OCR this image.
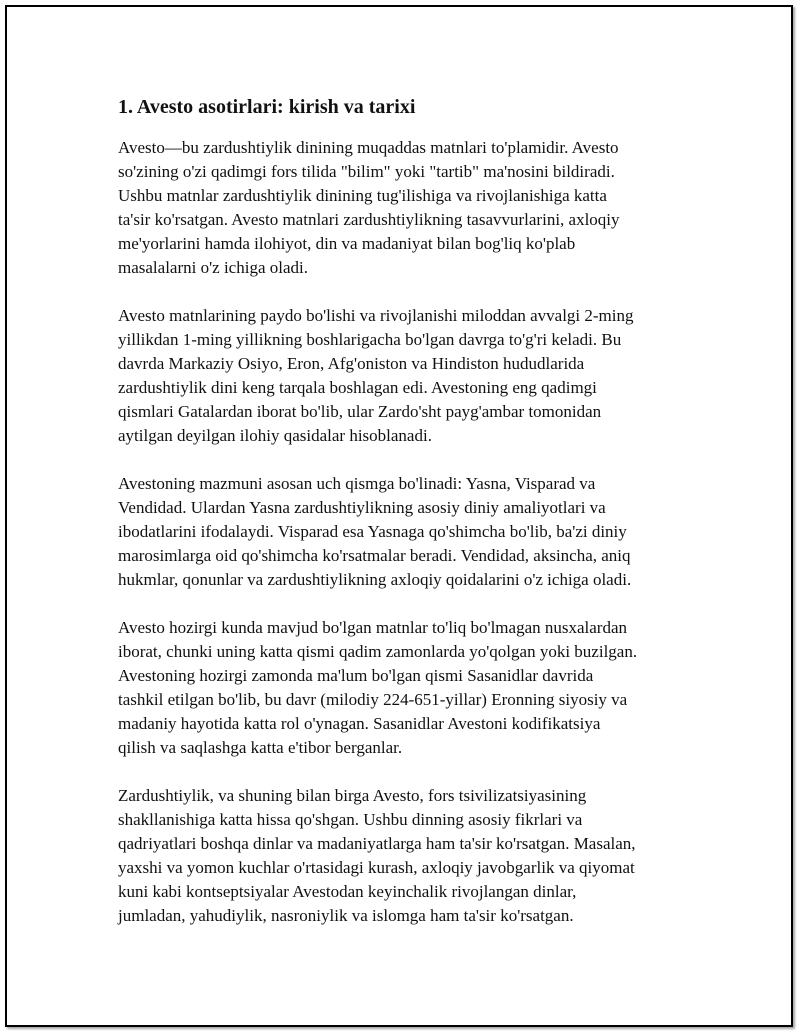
1. Avesto asotirlari: kirish va tarixi

Avesto—bu zardushtiylik dinining muqaddas matnlari to'plamidir. Avesto
so'zining o'zi qadimgi fors tilida "bilim" yoki "tartib" ma'nosini bildiradi.
Ushbu matnlar zardushtiylik dinining tug'ilishiga va rivojlanishiga katta
ta'sir ko'rsatgan. Avesto matnlari zardushtiylikning tasavvurlarini, axloqiy
me'yorlarini hamda ilohiyot, din va madaniyat bilan bog'liq ko'plab
masalalarni o'z ichiga oladi.

Avesto matnlarining paydo bo'lishi va rivojlanishi miloddan avvalgi 2-ming
yillikdan 1-ming yillikning boshlarigacha bo'lgan davrga to'g'ri keladi. Bu
davrda Markaziy Osiyo, Eron, Afg'oniston va Hindiston hududlarida
zardushtiylik dini keng tarqala boshlagan edi. Avestoning eng qadimgi
qismlari Gatalardan iborat bo'lib, ular Zardo'sht payg'ambar tomonidan
aytilgan deyilgan ilohiy qasidalar hisoblanadi.

Avestoning mazmuni asosan uch qismga bo'linadi: Yasna, Visparad va
Vendidad. Ulardan Yasna zardushtiylikning asosiy diniy amaliyotlari va
ibodatlarini ifodalaydi. Visparad esa Yasnaga qo'shimcha bo'lib, ba'zi diniy
marosimlarga oid qo'shimcha ko'rsatmalar beradi. Vendidad, aksincha, aniq
hukmlar, qonunlar va zardushtiylikning axloqiy qoidalarini o'z ichiga oladi.

Avesto hozirgi kunda mavjud bo'lgan matnlar to'liq bo'lmagan nusxalardan
iborat, chunki uning katta qismi qadim zamonlarda yo'qolgan yoki buzilgan.
Avestoning hozirgi zamonda ma'lum bo'lgan qismi Sasanidlar davrida
tashkil etilgan bo'lib, bu davr (milodiy 224-651-yillar) Eronning siyosiy va
madaniy hayotida katta rol o'ynagan. Sasanidlar Avestoni kodifikatsiya
qilish va saqlashga katta e'tibor berganlar.

Zardushtiylik, va shuning bilan birga Avesto, fors tsivilizatsiyasining
shakllanishiga katta hissa qo'shgan. Ushbu dinning asosiy fikrlari va
qadriyatlari boshqa dinlar va madaniyatlarga ham ta'sir ko'rsatgan. Masalan,
yaxshi va yomon kuchlar o'rtasidagi kurash, axloqiy javobgarlik va qiyomat
kuni kabi kontseptsiyalar Avestodan keyinchalik rivojlangan dinlar,
jumladan, yahudiylik, nasroniylik va islomga ham ta'sir ko'rsatgan.
